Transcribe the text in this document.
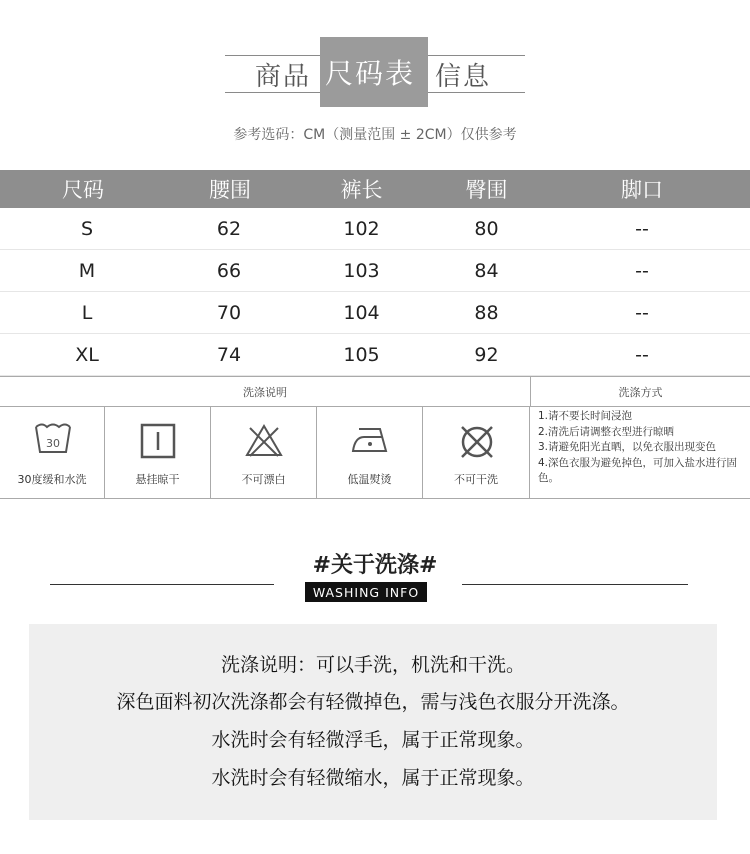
商品 尺码表 信息
参考选码：CM（测量范围 ± 2CM）仅供参考
尺码	腰围	裤长	臀围	脚口
S	62	102	80	--
M	66	103	84	--
L	70	104	88	--
XL	74	105	92	--
洗涤说明	洗涤方式
30
30度缓和水洗	悬挂晾干	不可漂白	低温熨烫	不可干洗
1.请不要长时间浸泡
2.清洗后请调整衣型进行晾晒
3.请避免阳光直晒，以免衣服出现变色
4.深色衣服为避免掉色，可加入盐水进行固色。
#关于洗涤#
WASHING INFO
洗涤说明：可以手洗，机洗和干洗。
深色面料初次洗涤都会有轻微掉色，需与浅色衣服分开洗涤。
水洗时会有轻微浮毛，属于正常现象。
水洗时会有轻微缩水，属于正常现象。
